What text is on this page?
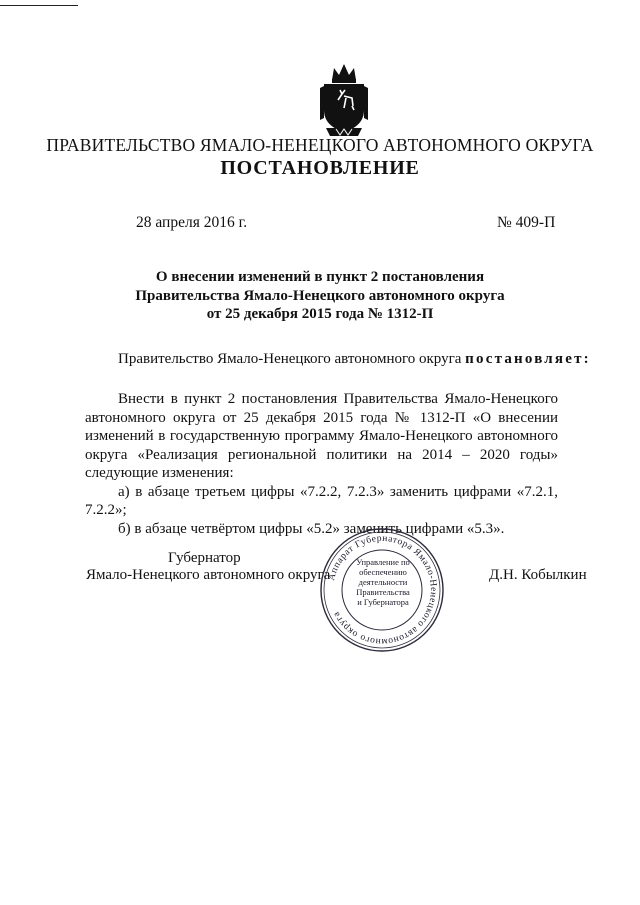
ПРАВИТЕЛЬСТВО ЯМАЛО-НЕНЕЦКОГО АВТОНОМНОГО ОКРУГА
ПОСТАНОВЛЕНИЕ
28 апреля 2016 г.	№ 409-П
О внесении изменений в пункт 2 постановления
Правительства Ямало-Ненецкого автономного округа
от 25 декабря 2015 года № 1312-П
Правительство Ямало-Ненецкого автономного округа постановляет:

Внести в пункт 2 постановления Правительства Ямало-Ненецкого автономного округа от 25 декабря 2015 года № 1312-П «О внесении изменений в государственную программу Ямало-Ненецкого автономного округа «Реализация региональной политики на 2014 – 2020 годы» следующие изменения:

а) в абзаце третьем цифры «7.2.2, 7.2.3» заменить цифрами «7.2.1, 7.2.2»;

б) в абзаце четвёртом цифры «5.2» заменить цифрами «5.3».

Губернатор
Ямало-Ненецкого автономного округа	Д.Н. Кобылкин
Аппарат Губернатора Ямало-Ненецкого автономного округа
Управление по
обеспечению
деятельности
Правительства
и Губернатора
